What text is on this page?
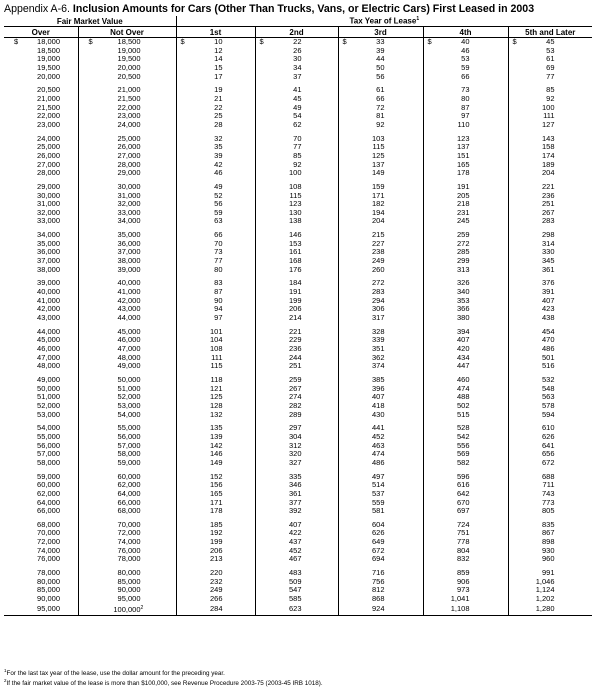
Appendix A-6. Inclusion Amounts for Cars (Other Than Trucks, Vans, or Electric Cars) First Leased in 2003
Fair Market Value		Tax Year of Lease$^1$
Over	Not Over	1st	2nd	3rd	4th	5th and Later
$ 18,000	$ 18,500	$ 10	$ 22	$ 33	$ 40	$ 45
18,500	19,000	12	26	39	46	53
19,000	19,500	14	30	44	53	61
19,500	20,000	15	34	50	59	69
20,000	20,500	17	37	56	66	77

20,500	21,000	19	41	61	73	85
21,000	21,500	21	45	66	80	92
21,500	22,000	22	49	72	87	100
22,000	23,000	25	54	81	97	111
23,000	24,000	28	62	92	110	127

24,000	25,000	32	70	103	123	143
25,000	26,000	35	77	115	137	158
26,000	27,000	39	85	125	151	174
27,000	28,000	42	92	137	165	189
28,000	29,000	46	100	149	178	204

29,000	30,000	49	108	159	191	221
30,000	31,000	52	115	171	205	236
31,000	32,000	56	123	182	218	251
32,000	33,000	59	130	194	231	267
33,000	34,000	63	138	204	245	283

34,000	35,000	66	146	215	259	298
35,000	36,000	70	153	227	272	314
36,000	37,000	73	161	238	285	330
37,000	38,000	77	168	249	299	345
38,000	39,000	80	176	260	313	361

39,000	40,000	83	184	272	326	376
40,000	41,000	87	191	283	340	391
41,000	42,000	90	199	294	353	407
42,000	43,000	94	206	306	366	423
43,000	44,000	97	214	317	380	438

44,000	45,000	101	221	328	394	454
45,000	46,000	104	229	339	407	470
46,000	47,000	108	236	351	420	486
47,000	48,000	111	244	362	434	501
48,000	49,000	115	251	374	447	516

49,000	50,000	118	259	385	460	532
50,000	51,000	121	267	396	474	548
51,000	52,000	125	274	407	488	563
52,000	53,000	128	282	418	502	578
53,000	54,000	132	289	430	515	594

54,000	55,000	135	297	441	528	610
55,000	56,000	139	304	452	542	626
56,000	57,000	142	312	463	556	641
57,000	58,000	146	320	474	569	656
58,000	59,000	149	327	486	582	672

59,000	60,000	152	335	497	596	688
60,000	62,000	156	346	514	616	711
62,000	64,000	165	361	537	642	743
64,000	66,000	171	377	559	670	773
66,000	68,000	178	392	581	697	805

68,000	70,000	185	407	604	724	835
70,000	72,000	192	422	626	751	867
72,000	74,000	199	437	649	778	898
74,000	76,000	206	452	672	804	930
76,000	78,000	213	467	694	832	960

78,000	80,000	220	483	716	859	991
80,000	85,000	232	509	756	906	1,046
85,000	90,000	249	547	812	973	1,124
90,000	95,000	266	585	868	1,041	1,202
95,000	100,000$^2$	284	623	924	1,108	1,280
$^1$For the last tax year of the lease, use the dollar amount for the preceding year.
$^2$If the fair market value of the lease is more than $100,000, see Revenue Procedure 2003-75 (2003-45 IRB 1018).
